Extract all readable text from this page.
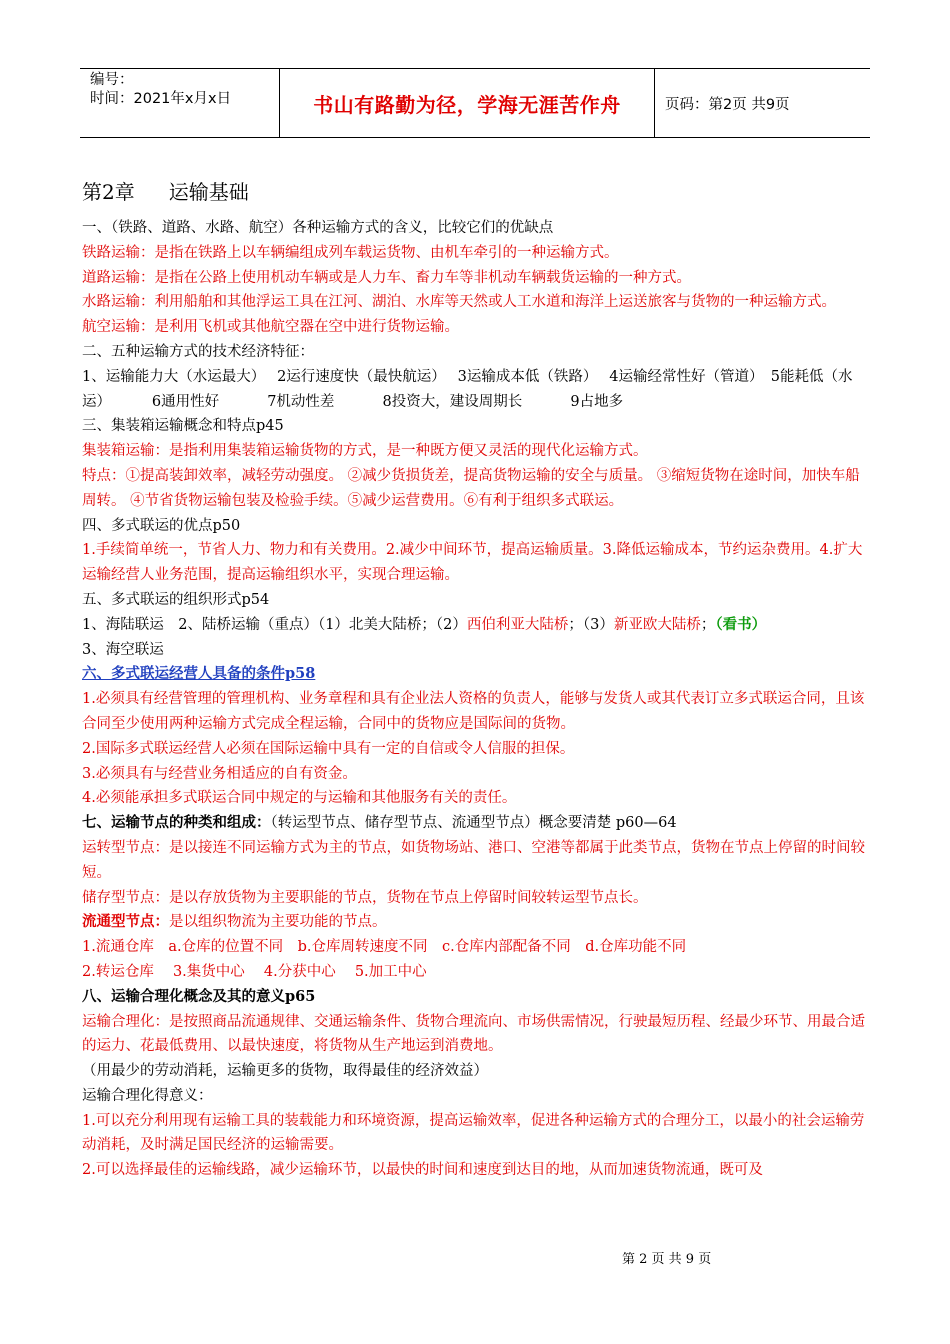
编号：
时间：2021年x月x日	书山有路勤为径，学海无涯苦作舟	页码：第2页 共9页
第2章 运输基础
一、（铁路、道路、水路、航空）各种运输方式的含义，比较它们的优缺点
铁路运输：是指在铁路上以车辆编组成列车载运货物、由机车牵引的一种运输方式。
道路运输：是指在公路上使用机动车辆或是人力车、畜力车等非机动车辆载货运输的一种方式。
水路运输：利用船舶和其他浮运工具在江河、湖泊、水库等天然或人工水道和海洋上运送旅客与货物的一种运输方式。
航空运输：是利用飞机或其他航空器在空中进行货物运输。
二、五种运输方式的技术经济特征：
1、运输能力大（水运最大）　 2运行速度快（最快航运）　 3运输成本低（铁路）　 4运输经常性好（管道）　5能耗低（水运）　　　 6通用性好　　　 7机动性差　　　 8投资大，建设周期长　　　 9占地多
三、集装箱运输概念和特点p45
集装箱运输：是指利用集装箱运输货物的方式，是一种既方便又灵活的现代化运输方式。
特点：①提高装卸效率，减轻劳动强度。 ②减少货损货差，提高货物运输的安全与质量。 ③缩短货物在途时间，加快车船周转。 ④节省货物运输包装及检验手续。⑤减少运营费用。⑥有利于组织多式联运。
四、多式联运的优点p50
1.手续简单统一，节省人力、物力和有关费用。2.减少中间环节，提高运输质量。3.降低运输成本，节约运杂费用。4.扩大运输经营人业务范围，提高运输组织水平，实现合理运输。
五、多式联运的组织形式p54
1、海陆联运　2、陆桥运输（重点）（1）北美大陆桥；（2）西伯利亚大陆桥；（3）新亚欧大陆桥；（看书）
3、海空联运
六、多式联运经营人具备的条件p58
1.必须具有经营管理的管理机构、业务章程和具有企业法人资格的负责人，能够与发货人或其代表订立多式联运合同，且该合同至少使用两种运输方式完成全程运输，合同中的货物应是国际间的货物。
2.国际多式联运经营人必须在国际运输中具有一定的自信或令人信服的担保。
3.必须具有与经营业务相适应的自有资金。
4.必须能承担多式联运合同中规定的与运输和其他服务有关的责任。
七、运输节点的种类和组成：（转运型节点、储存型节点、流通型节点）概念要清楚 p60—64
运转型节点：是以接连不同运输方式为主的节点，如货物场站、港口、空港等都属于此类节点，货物在节点上停留的时间较短。
储存型节点：是以存放货物为主要职能的节点，货物在节点上停留时间较转运型节点长。
流通型节点：是以组织物流为主要功能的节点。
1.流通仓库　a.仓库的位置不同　b.仓库周转速度不同　c.仓库内部配备不同　d.仓库功能不同
2.转运仓库　 3.集货中心　 4.分获中心　 5.加工中心
八、运输合理化概念及其的意义p65
运输合理化：是按照商品流通规律、交通运输条件、货物合理流向、市场供需情况，行驶最短历程、经最少环节、用最合适的运力、花最低费用、以最快速度，将货物从生产地运到消费地。
（用最少的劳动消耗，运输更多的货物，取得最佳的经济效益）
运输合理化得意义：
1.可以充分利用现有运输工具的装载能力和环境资源，提高运输效率，促进各种运输方式的合理分工，以最小的社会运输劳动消耗，及时满足国民经济的运输需要。
2.可以选择最佳的运输线路，减少运输环节，以最快的时间和速度到达目的地，从而加速货物流通，既可及
第 2 页 共 9 页
